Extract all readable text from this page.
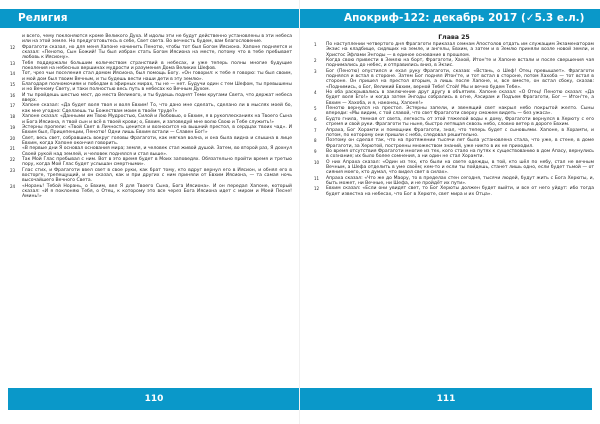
Религия
и всего, чему поклоняются кроме Великого Духа. И идолы эти не будут действенно установлены в эти небеса или на этой земле. Но предуготовьтесь в себе, Свет света. Во вечность будем, вам благословение.
12	Фрагаготи сказал, но для меня Хапоне начинить Пенотю, чтобы тот был Богом Иясиона. Хапоне подняется и сказал: «Пенотю, Сын Божий! Ты был избран стать Богом Иясиона на месте, потому что в тебе пребывает любовь к Иясиону».
13	Тебя поддержали большим количеством странствий в небесах, и уже теперь полны многие будущие поколения на небесных вершинах мудрости и разумения Дома Великих Шефов.
14	Тот, чрез чьи поселения стал домом Иясиона, был помощь Богу. «Он говорил: к тебе я говорю: ты был своим, и мой дом был твоим Вечным, и ты будешь вести наши дети в эту землю».
15	Благодаря полномочиям и победам в эфирных мирах, ты не — нет. Будучи один с тем Шефом, ты превышены и но Вечному Свету, и таки полностью весь путь в небесах ко Вечным Духом.
16	И ты пройдешь шестью мест, до места Великого, и ты будешь поднят Теми кругами Света, что держат небеса вверх.
17	Хапоне сказал: «Да будет воля твоя и воля Евхим! То, что дано мне сделать, сделано ли в мыслях моей бо, как мне угодно: Сделаешь ты Божествам моим в твоём труде?»
18	Хапоне сказал: «Данными им Твою Мудростью, Силой и Любовью, о Евхим, я в рукоплесканиях на Твоего Сына и Бога Иясиона, я твой сын и всё в твоей крови; о, Евхим, и заповедуй мне волю Свою и Тебе служить!»
19	Эстерны пропели: «Твой Свет в Личность ценится и возносится на вышний престол, в сердцах твоих чад». И Евхим был, Прицепенции, Пенотю! Одни лишь Евхим встали — Славен Бог!»
20	Свет, весь свет, собравшись вокруг головы Фрагаготи, как мягкая волна, и она была видна и слышна в лице Евхим, когда Хапоне окончил говорить.
21	«В первые дни Я основал основания мира; земля, и человек стал живой душой. Затем, во второй раз, Я дохнул Своей рукой над землей, и человек поднялся и стал выше».
22	Так Мой Глас пребывал с ним. Вот в это время будет в Моих заповедях. Обязательно пройти время и третью пору, когда Мой Глас будет услышан смертными».
23	Глас стих, и Фрагаготи ввел свет в свое руки, как брат тому, кто вдруг вернул его в Иясион, и обнял его в восторге, трепещущий, и он сказал, как и при других с ним приняли от Евхим Иясиона, — та самая ночь высочайшего Вечного Света.
24	«Норань! Тебой Норань, о Евхим, вел Я для Твоего Сына, Бога Иясиона». И он передал Хапоне, который сказал: «И я поклоняю Тебя, о Отец, к которому это все через Бога Иясиона идет с миром и Моей Песне! Аминь!»
110
Апокриф-122: декабрь 2017 (✓5.3 е.л.)
Глава 25
1	По наступлении четвертого дня Фрагаготи приказал семнам Апостолов отдать им служащим Экзаменаторам Экзис на кладбище, сидящих на земле, и ангелы, Евхим, а затем и в Землю приняли возле новой земли, и Христос Эфлами Энгоды — в единое основание в прошлом.
2	Когда свою привести в Землю на борт, Фрагаготи, Хахой, Итон'те и Хапоне встали и после свершения чая поднимались до небес, и отправились вниз, в Экзис.
3	Бог (Пенотю) опустился и ехал руку Фрагаготи, сказав: «Встань, о Шеф! Отец превышает». Фрагаготи поднялся и встал в стороне. Затем Бог поднял Итон'те, и тот встал в стороне, потом Хахоба — тот встал в стороне. Он пришел на престол вторым, а лишь после Хапоне, и, все вместе, он встал сбоку, сказав: «Поднимись, о Бог, Великий Евхим, верной Тебе! Стой! Мы и вечно будем Тебе».
4	Но оба раскрывались в заключение друг другу в объятиях. Хапоне сказал: «О Отец! Пенотю сказал: «Да будет воля Его!» и когда затем Энгоды собрались в огне, Аэсирам и Подъем Фрагаготи, Бог — Итон'те, а Евхим — Хахоба, и я, наконец, Хапоне!»
5	Пенотю вернулся на престол. Эстерны запели, и звенящий свет накрыл небо покрытой желто. Сыны впереди: «Мы видим, с той славой, что свет Фрагаготи сверху сможем видеть — без ужаса».
6	Будто гнила, темная от света, легкость от этой тяжелой воды к дому, Фрагаготи вернулся в Херюту с его стремя и свой руки. Фрагаготи ты ныне, быстро летящая сквозь небо, словно ветер в дороге Евхим.
7	Апраха, Бог Хорамти и помощник Фрагаготи, знал, что теперь будет с сыновьями. Хапоне, в Хорамти, и потом, по которому они пришли с неба, следовал решительно.
8	Поэтому он сделал так, что на протяжении тысячи лет была установлена стала, что уже, в стене, в доме Фрагаготи, за Херютой, построены множеством знаний, уже никто в их не приходил.
9	Во время отсутствия Фрагаготи многие из тех, кого стало на путях к существованию в дом Апасу, вернулись в сознание; их было более сомнения, а ни один не стал Хорамти.
10	О них Апраха сказал: «Один из тех, кто были на свете одежды, в той, кто шёл по небу, стал не вечным Вечным, а Шефа отделить в уме своём; кем-то и если ты пойдешь, станет лишь одно, если будет тьмой — от сияния моего, кто думал, что видел свет в силах».
11	Апраха сказал: «Что же до Маору, то в пределах стен сегодня, тысячи людей, будут жить с Бога Херюты, и, быть может, ни Вечные, ни Шефа, и не пройдёт их пути».
12	Евхим сказал: «Если они увидят свет, то Бог Херюты должен будет выйти, и все от него уйдут: ибо тогда будет известна на небесах, что Бог в Херюте, свет мира и их Отца».
111
